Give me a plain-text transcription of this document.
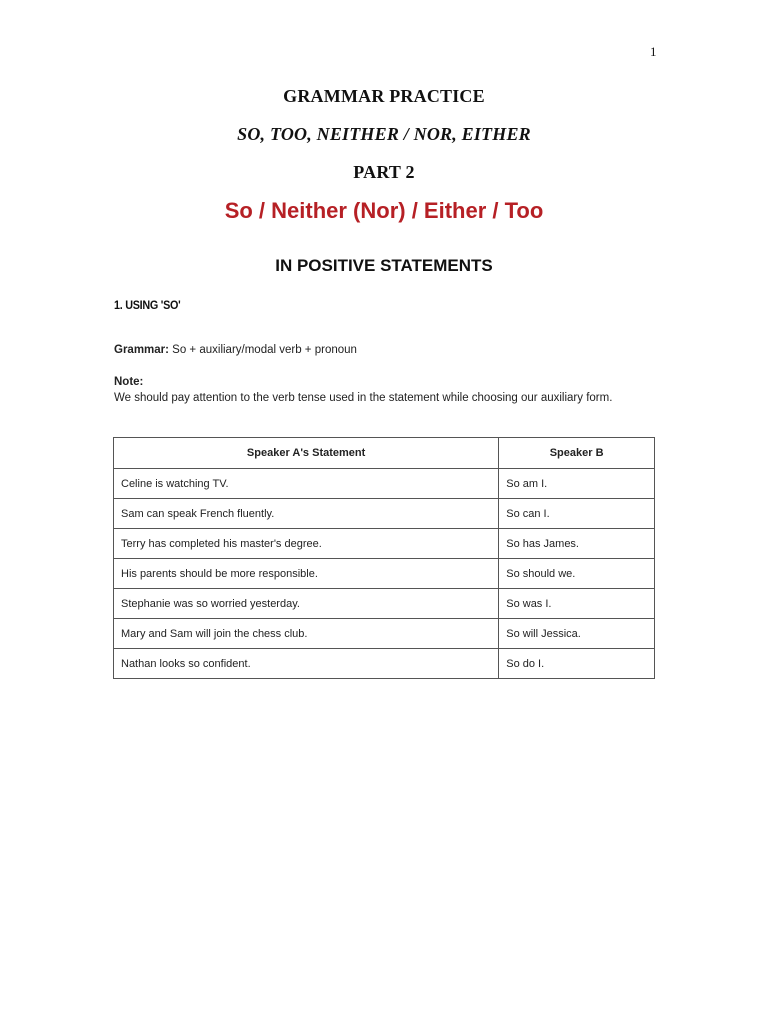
1
GRAMMAR PRACTICE
SO, TOO, NEITHER / NOR, EITHER
PART 2
So / Neither (Nor) / Either / Too
IN POSITIVE STATEMENTS
1. USING 'SO'
Grammar: So + auxiliary/modal verb + pronoun
Note:
We should pay attention to the verb tense used in the statement while choosing our auxiliary form.
Speaker A's Statement	Speaker B
Celine is watching TV.	So am I.
Sam can speak French fluently.	So can I.
Terry has completed his master's degree.	So has James.
His parents should be more responsible.	So should we.
Stephanie was so worried yesterday.	So was I.
Mary and Sam will join the chess club.	So will Jessica.
Nathan looks so confident.	So do I.
